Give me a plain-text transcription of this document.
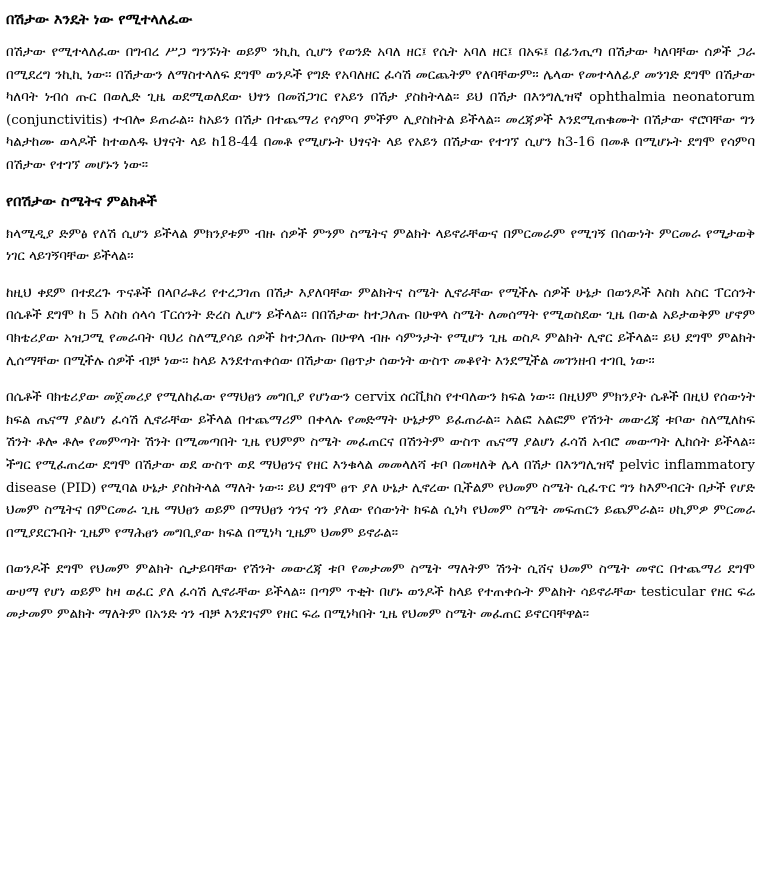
በሽታው እንዴት ነው የሚተላለፈው

በሽታው የሚተላለፈው በግብረ ሥጋ ግንኙነት ወይም ንኪኪ ሲሆን የወንድ አባለ ዘር፤ የሴት አባለ ዘር፤ በአፍ፤ በፊንጢጣ በሽታው ካለባቸው ሰዎች ጋራ በሚደረግ ንኪኪ ነው፡፡ በሽታውን ለማስተላለፍ ደግሞ ወንዶች የግድ የአባለዘር ፈሳሽ መርጨትም የለባቸውም፡፡ ሌላው የመተላለፊያ መንገድ ደግሞ በሽታው ካለባት ነብሰ ጡር በወሊድ ጊዜ ወደሚወለደው ህፃን በመሸጋገር የአይን በሽታ ያስከትላል፡፡ ይህ በሽታ በእንግሊዝኛ ophthalmia neonatorum (conjunctivitis) ተብሎ ይጠራል፡፡ ከአይን በሽታ በተጨማሪ የሳምባ ምችም ሊያስከትል ይችላል፡፡ መረጃዎች እንደሚጠቁሙት በሽታው ኖሮባቸው ግን ካልታከሙ ወላዶች ከተወለዱ ህፃናት ላይ ከ18-44 በመቶ የሚሆኑት ህፃናት ላይ የአይን በሽታው የተገኘ ሲሆን ከ3-16 በመቶ በሚሆኑት ደግሞ የሳምባ በሽታው የተገኘ መሆኑን ነው፡፡

የበሽታው ስሜትና ምልክቶች

ክላሚዲያ ድምፅ የለሽ ሲሆን ይችላል ምክንያቱም ብዙ ሰዎች ምንም ስሜትና ምልክት ላይኖራቸውና በምርመራም የሚገኝ በሰውነት ምርመራ የሚታወቅ ነገር ላይገኝባቸው ይችላል፡፡

ከዚህ ቀደም በተደረጉ ጥናቶች በላቦራቶሪ የተረጋገጠ በሽታ እያለባቸው ምልክትና ስሜት ሊኖራቸው የሚችሉ ሰዎች ሁኔታ በወንዶች እስከ አስር ፐርሰንት በሴቶች ደግሞ ከ 5 እስከ ሰላሳ ፐርሰንት ድረስ ሊሆን ይችላል፡፡ በበሽታው ከተጋለጡ በሁዋላ ስሜት ለመሰማት የሚወስደው ጊዜ በውል አይታወቅም ሆኖም ባክቴሪያው አዝጋሚ የመራባት ባህሪ ስለሚያሳይ ሰዎች ከተጋለጡ በሁዋላ ብዙ ሳምንታት የሚሆን ጊዜ ወስዶ ምልክት ሊኖር ይችላል፡፡ ይህ ደግሞ ምልክት ሊሰማቸው በሚችሉ ሰዎች ብቻ ነው፡፡ ከላይ እንደተጠቀሰው በሽታው በፀጥታ ሰውነት ውስጥ መቆየት እንደሚችል መገንዘብ ተገቢ ነው፡፡

በሴቶች ባክቴሪያው መጀመሪያ የሚለከፈው የማህፀን መግቢያ የሆነውን cervix ሰርቪክስ የተባለውን ክፍል ነው፡፡ በዚህም ምክንያት ሴቶች በዚህ የሰውነት ክፍል ጤናማ ያልሆነ ፈሳሽ ሊኖራቸው ይችላል በተጨማሪም በቀላሉ የመድማት ሁኔታም ይፈጠራል፡፡ አልፎ አልፎም የሽንት መውረጃ ቱቦው ስለሚለከፍ ሽንት ቶሎ ቶሎ የመምጣት ሽንት በሚመጣበት ጊዜ የህምም ስሜት መፈጠርና በሽንትም ውስጥ ጤናማ ያልሆነ ፈሳሽ አብሮ መውጣት ሊከሰት ይችላል፡፡ ችግር የሚፈጠረው ደግሞ በሽታው ወደ ውስጥ ወደ ማህፀንና የዘር እንቁላል መመላለሻ ቱቦ በመዛለቅ ሌላ በሽታ በእንግሊዝኛ pelvic inflammatory disease (PID) የሚባል ሁኔታ ያስከትላል ማለት ነው፡፡ ይህ ደግሞ ፀጥ ያለ ሁኔታ ሊኖረው ቢችልም የህመም ስሜት ሲፈጥር ግን ከእምብርት በታች የሆድ ህመም ስሜትና በምርመራ ጊዜ ማህፀን ወይም በማህፀን ጎንና ጎን ያለው የሰውነት ክፍል ሲነካ የህመም ስሜት መፍጠርን ይጨምራል፡፡ ሀኪምዎ ምርመራ በሚያደርጉበት ጊዜም የማሕፀን መግቢያው ክፍል በሚነካ ጊዜም ህመም ይኖራል፡፡

በወንዶች ደግሞ የህመም ምልክት ሲታይባቸው የሽንት መውረጃ ቱቦ የመታመም ስሜት ማለትም ሽንት ሲሸና ህመም ስሜት መኖር በተጨማሪ ደግሞ ውሀማ የሆነ ወይም ከዛ ወፈር ያለ ፈሳሽ ሊኖራቸው ይችላል፡፡ በጣም ጥቂት በሆኑ ወንዶች ከላይ የተጠቀሱት ምልክት ሳይኖራቸው testicular የዘር ፍሬ መታመም ምልክት ማለትም በአንድ ጎን ብቻ እንደገናም የዘር ፍሬ በሚነካበት ጊዜ የህመም ስሜት መፈጠር ይኖርባቸዋል፡፡
